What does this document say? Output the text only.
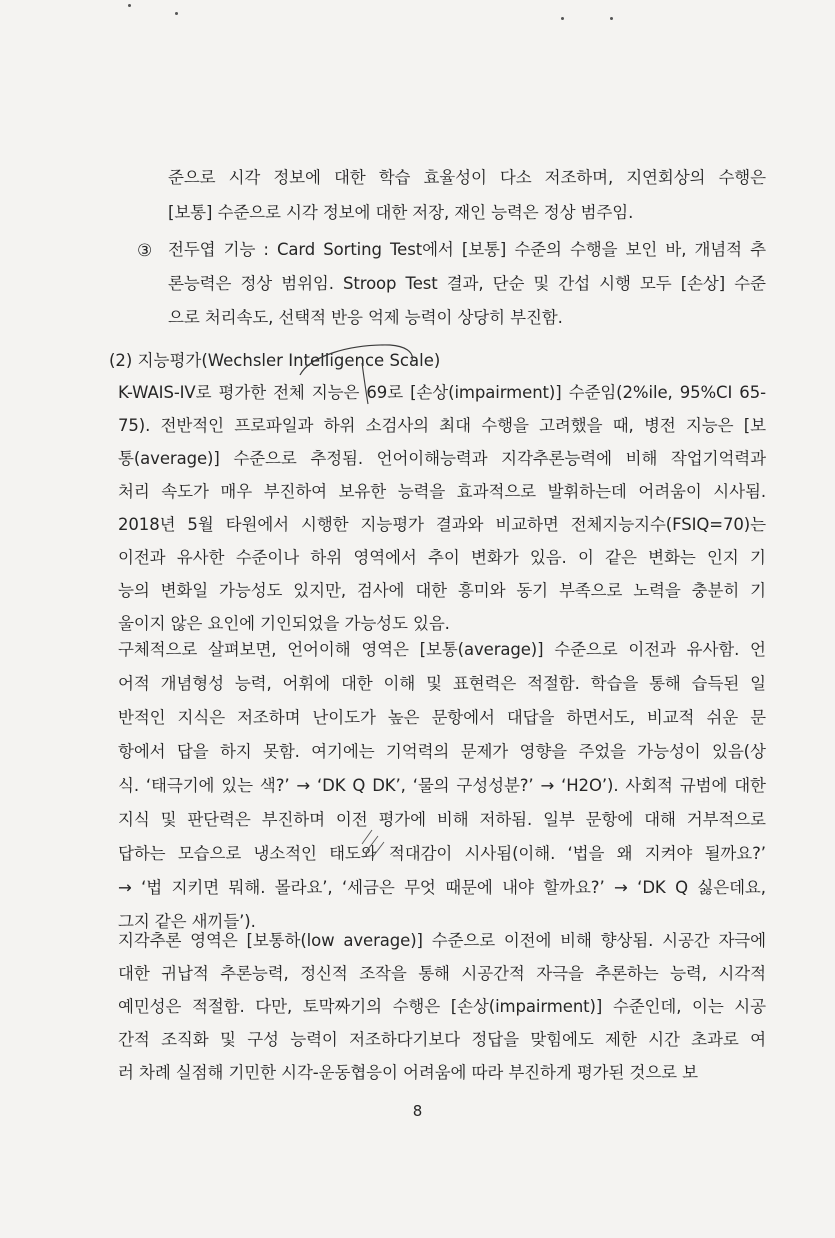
준으로 시각 정보에 대한 학습 효율성이 다소 저조하며, 지연회상의 수행은
[보통] 수준으로 시각 정보에 대한 저장, 재인 능력은 정상 범주임.
③ 전두엽 기능 : Card Sorting Test에서 [보통] 수준의 수행을 보인 바, 개념적 추
론능력은 정상 범위임. Stroop Test 결과, 단순 및 간섭 시행 모두 [손상] 수준
으로 처리속도, 선택적 반응 억제 능력이 상당히 부진함.
(2) 지능평가(Wechsler Intelligence Scale)
K-WAIS-IV로 평가한 전체 지능은 69로 [손상(impairment)] 수준임(2%ile, 95%CI 65-
75). 전반적인 프로파일과 하위 소검사의 최대 수행을 고려했을 때, 병전 지능은 [보
통(average)] 수준으로 추정됨. 언어이해능력과 지각추론능력에 비해 작업기억력과
처리 속도가 매우 부진하여 보유한 능력을 효과적으로 발휘하는데 어려움이 시사됨.
2018년 5월 타원에서 시행한 지능평가 결과와 비교하면 전체지능지수(FSIQ=70)는
이전과 유사한 수준이나 하위 영역에서 추이 변화가 있음. 이 같은 변화는 인지 기
능의 변화일 가능성도 있지만, 검사에 대한 흥미와 동기 부족으로 노력을 충분히 기
울이지 않은 요인에 기인되었을 가능성도 있음.
구체적으로 살펴보면, 언어이해 영역은 [보통(average)] 수준으로 이전과 유사함. 언
어적 개념형성 능력, 어휘에 대한 이해 및 표현력은 적절함. 학습을 통해 습득된 일
반적인 지식은 저조하며 난이도가 높은 문항에서 대답을 하면서도, 비교적 쉬운 문
항에서 답을 하지 못함. 여기에는 기억력의 문제가 영향을 주었을 가능성이 있음(상
식. ‘태극기에 있는 색?’ → ‘DK Q DK’, ‘물의 구성성분?’ → ‘H2O’). 사회적 규범에 대한
지식 및 판단력은 부진하며 이전 평가에 비해 저하됨. 일부 문항에 대해 거부적으로
답하는 모습으로 냉소적인 태도와 적대감이 시사됨(이해. ‘법을 왜 지켜야 될까요?’
→ ‘법 지키면 뭐해. 몰라요’, ‘세금은 무엇 때문에 내야 할까요?’ → ‘DK Q 싫은데요,
그지 같은 새끼들’).
지각추론 영역은 [보통하(low average)] 수준으로 이전에 비해 향상됨. 시공간 자극에
대한 귀납적 추론능력, 정신적 조작을 통해 시공간적 자극을 추론하는 능력, 시각적
예민성은 적절함. 다만, 토막짜기의 수행은 [손상(impairment)] 수준인데, 이는 시공
간적 조직화 및 구성 능력이 저조하다기보다 정답을 맞힘에도 제한 시간 초과로 여
러 차례 실점해 기민한 시각-운동협응이 어려움에 따라 부진하게 평가된 것으로 보
8
